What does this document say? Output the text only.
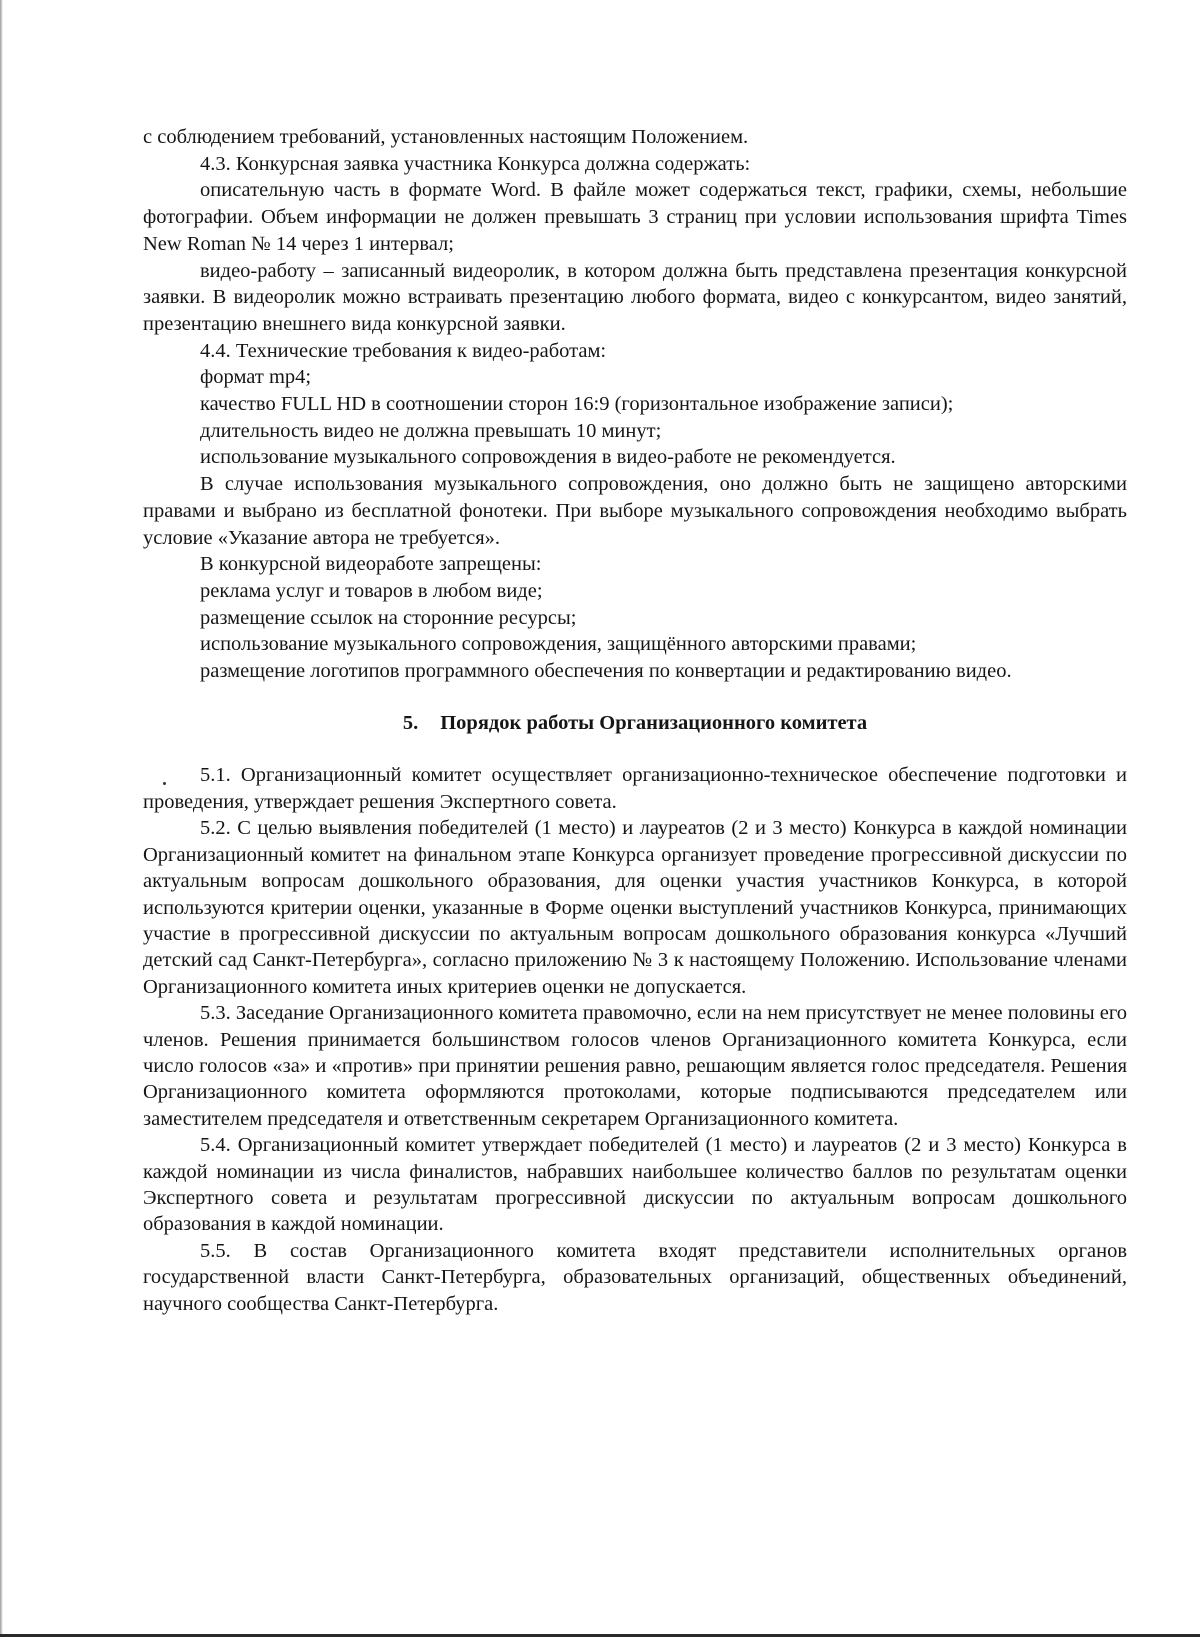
с соблюдением требований, установленных настоящим Положением.

4.3. Конкурсная заявка участника Конкурса должна содержать:

описательную часть в формате Word. В файле может содержаться текст, графики, схемы, небольшие фотографии. Объем информации не должен превышать 3 страниц при условии использования шрифта Times New Roman № 14 через 1 интервал;

видео-работу – записанный видеоролик, в котором должна быть представлена презентация конкурсной заявки. В видеоролик можно встраивать презентацию любого формата, видео с конкурсантом, видео занятий, презентацию внешнего вида конкурсной заявки.

4.4. Технические требования к видео-работам:

формат mp4;

качество FULL HD в соотношении сторон 16:9 (горизонтальное изображение записи);

длительность видео не должна превышать 10 минут;

использование музыкального сопровождения в видео-работе не рекомендуется.

В случае использования музыкального сопровождения, оно должно быть не защищено авторскими правами и выбрано из бесплатной фонотеки. При выборе музыкального сопровождения необходимо выбрать условие «Указание автора не требуется».

В конкурсной видеоработе запрещены:

реклама услуг и товаров в любом виде;

размещение ссылок на сторонние ресурсы;

использование музыкального сопровождения, защищённого авторскими правами;

размещение логотипов программного обеспечения по конвертации и редактированию видео.

5. Порядок работы Организационного комитета

5.1. Организационный комитет осуществляет организационно-техническое обеспечение подготовки и проведения, утверждает решения Экспертного совета.

5.2. С целью выявления победителей (1 место) и лауреатов (2 и 3 место) Конкурса в каждой номинации Организационный комитет на финальном этапе Конкурса организует проведение прогрессивной дискуссии по актуальным вопросам дошкольного образования, для оценки участия участников Конкурса, в которой используются критерии оценки, указанные в Форме оценки выступлений участников Конкурса, принимающих участие в прогрессивной дискуссии по актуальным вопросам дошкольного образования конкурса «Лучший детский сад Санкт-Петербурга», согласно приложению № 3 к настоящему Положению. Использование членами Организационного комитета иных критериев оценки не допускается.

5.3. Заседание Организационного комитета правомочно, если на нем присутствует не менее половины его членов. Решения принимается большинством голосов членов Организационного комитета Конкурса, если число голосов «за» и «против» при принятии решения равно, решающим является голос председателя. Решения Организационного комитета оформляются протоколами, которые подписываются председателем или заместителем председателя и ответственным секретарем Организационного комитета.

5.4. Организационный комитет утверждает победителей (1 место) и лауреатов (2 и 3 место) Конкурса в каждой номинации из числа финалистов, набравших наибольшее количество баллов по результатам оценки Экспертного совета и результатам прогрессивной дискуссии по актуальным вопросам дошкольного образования в каждой номинации.

5.5. В состав Организационного комитета входят представители исполнительных органов государственной власти Санкт-Петербурга, образовательных организаций, общественных объединений, научного сообщества Санкт-Петербурга.
